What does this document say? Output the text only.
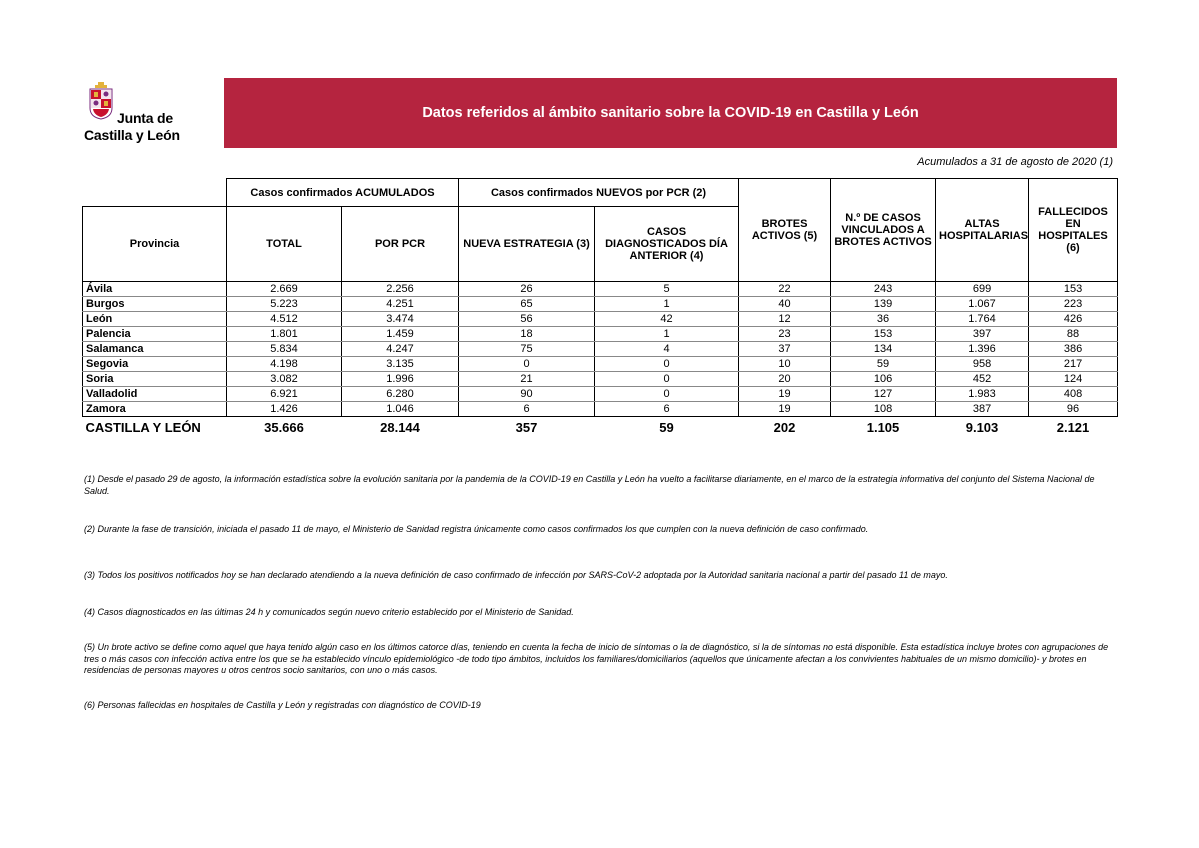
Junta de
Castilla y León
Datos referidos al ámbito sanitario sobre la COVID-19 en Castilla y León
Acumulados a 31 de agosto de 2020 (1)
	Casos confirmados ACUMULADOS		Casos confirmados NUEVOS por PCR (2)		BROTES ACTIVOS (5)	N.º DE CASOS VINCULADOS A BROTES ACTIVOS	ALTAS HOSPITALARIAS	FALLECIDOS EN HOSPITALES (6)
Provincia	TOTAL	POR PCR	NUEVA ESTRATEGIA (3)	CASOS DIAGNOSTICADOS DÍA ANTERIOR (4)				
Ávila	2.669	2.256	26	5	22	243	699	153
Burgos	5.223	4.251	65	1	40	139	1.067	223
León	4.512	3.474	56	42	12	36	1.764	426
Palencia	1.801	1.459	18	1	23	153	397	88
Salamanca	5.834	4.247	75	4	37	134	1.396	386
Segovia	4.198	3.135	0	0	10	59	958	217
Soria	3.082	1.996	21	0	20	106	452	124
Valladolid	6.921	6.280	90	0	19	127	1.983	408
Zamora	1.426	1.046	6	6	19	108	387	96
CASTILLA Y LEÓN	35.666	28.144	357	59	202	1.105	9.103	2.121
(1) Desde el pasado 29 de agosto, la información estadística sobre la evolución sanitaria por la pandemia de la COVID-19 en Castilla y León ha vuelto a facilitarse diariamente, en el marco de la estrategia informativa del conjunto del Sistema Nacional de Salud.
(2) Durante la fase de transición, iniciada el pasado 11 de mayo, el Ministerio de Sanidad registra únicamente como casos confirmados los que cumplen con la nueva definición de caso confirmado.
(3) Todos los positivos notificados hoy se han declarado atendiendo a la nueva definición de caso confirmado de infección por SARS-CoV-2 adoptada por la Autoridad sanitaria nacional a partir del pasado 11 de mayo.
(4) Casos diagnosticados en las últimas 24 h y comunicados según nuevo criterio establecido por el Ministerio de Sanidad.
(5) Un brote activo se define como aquel que haya tenido algún caso en los últimos catorce días, teniendo en cuenta la fecha de inicio de síntomas o la de diagnóstico, si la de síntomas no está disponible. Esta estadística incluye brotes con agrupaciones de tres o más casos con infección activa entre los que se ha establecido vínculo epidemiológico -de todo tipo ámbitos, incluidos los familiares/domiciliarios (aquellos que únicamente afectan a los convivientes habituales de un mismo domicilio)- y brotes en residencias de personas mayores u otros centros socio sanitarios, con uno o más casos.
(6) Personas fallecidas en hospitales de Castilla y León y registradas con diagnóstico de COVID-19
